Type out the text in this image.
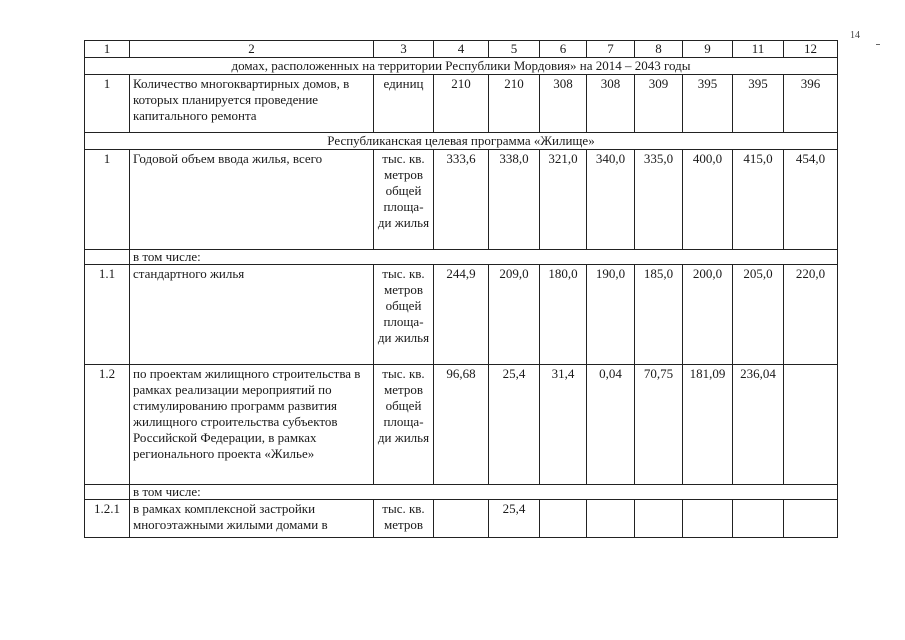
14
1	2	3	4	5	6	7	8	9	11	12
домах, расположенных на территории Республики Мордовия» на 2014 – 2043 годы										
1	Количество многоквартирных домов, в которых планируется проведение капитального ремонта	единиц	210	210	308	308	309	395	395	396
Республиканская целевая программа «Жилище»										
1	Годовой объем ввода жилья, всего	тыс. кв. метров общей площа-ди жилья	333,6	338,0	321,0	340,0	335,0	400,0	415,0	454,0
	в том числе:									
1.1	стандартного жилья	тыс. кв. метров общей площа-ди жилья	244,9	209,0	180,0	190,0	185,0	200,0	205,0	220,0
1.2	по проектам жилищного строительства в рамках реализации мероприятий по стимулированию программ развития жилищного строительства субъектов Российской Федерации, в рамках регионального проекта «Жилье»	тыс. кв. метров общей площа-ди жилья	96,68	25,4	31,4	0,04	70,75	181,09	236,04	
	в том числе:									
1.2.1	в рамках комплексной застройки многоэтажными жилыми домами в	тыс. кв. метров		25,4						
